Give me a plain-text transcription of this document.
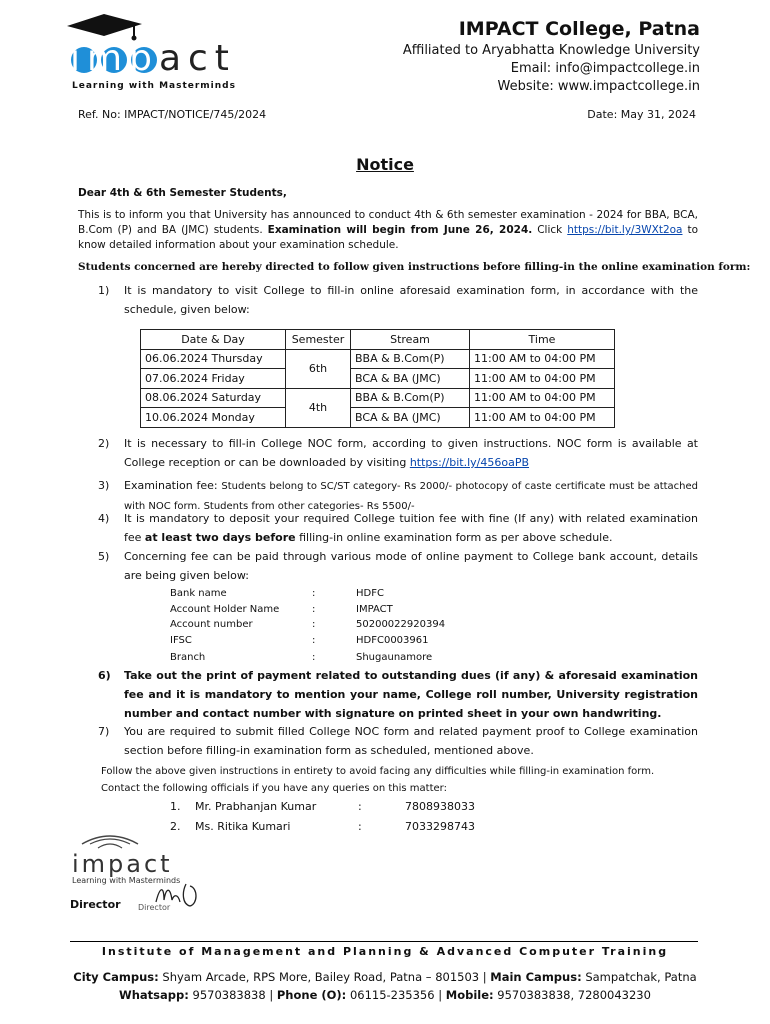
impact
Learning with Masterminds
IMPACT College, Patna
Affiliated to Aryabhatta Knowledge University
Email: info@impactcollege.in
Website: www.impactcollege.in
Ref. No: IMPACT/NOTICE/745/2024	Date: May 31, 2024
Notice
Dear 4th & 6th Semester Students,
This is to inform you that University has announced to conduct 4th & 6th semester examination - 2024 for BBA, BCA, B.Com (P) and BA (JMC) students. Examination will begin from June 26, 2024. Click https://bit.ly/3WXt2oa to know detailed information about your examination schedule.
Students concerned are hereby directed to follow given instructions before filling-in the online examination form:
1) It is mandatory to visit College to fill-in online aforesaid examination form, in accordance with the schedule, given below:
Date & Day	Semester	Stream	Time
06.06.2024 Thursday	6th	BBA & B.Com(P)	11:00 AM to 04:00 PM
07.06.2024 Friday		BCA & BA (JMC)	11:00 AM to 04:00 PM
08.06.2024 Saturday	4th	BBA & B.Com(P)	11:00 AM to 04:00 PM
10.06.2024 Monday		BCA & BA (JMC)	11:00 AM to 04:00 PM
2) It is necessary to fill-in College NOC form, according to given instructions. NOC form is available at College reception or can be downloaded by visiting https://bit.ly/456oaPB
3) Examination fee: Students belong to SC/ST category- Rs 2000/- photocopy of caste certificate must be attached with NOC form. Students from other categories- Rs 5500/-
4) It is mandatory to deposit your required College tuition fee with fine (If any) with related examination fee at least two days before filling-in online examination form as per above schedule.
5) Concerning fee can be paid through various mode of online payment to College bank account, details are being given below:
Bank name	:	HDFC
Account Holder Name	:	IMPACT
Account number	:	50200022920394
IFSC	:	HDFC0003961
Branch	:	Shugaunamore
6) Take out the print of payment related to outstanding dues (if any) & aforesaid examination fee and it is mandatory to mention your name, College roll number, University registration number and contact number with signature on printed sheet in your own handwriting.
7) You are required to submit filled College NOC form and related payment proof to College examination section before filling-in examination form as scheduled, mentioned above.
Follow the above given instructions in entirety to avoid facing any difficulties while filling-in examination form.
Contact the following officials if you have any queries on this matter:
1. Mr. Prabhanjan Kumar	:	7808938033
2. Ms. Ritika Kumari	:	7033298743
impact
Learning with Masterminds
Director
Director
Institute of Management and Planning & Advanced Computer Training
City Campus: Shyam Arcade, RPS More, Bailey Road, Patna – 801503 | Main Campus: Sampatchak, Patna
Whatsapp: 9570383838 | Phone (O): 06115-235356 | Mobile: 9570383838, 7280043230
